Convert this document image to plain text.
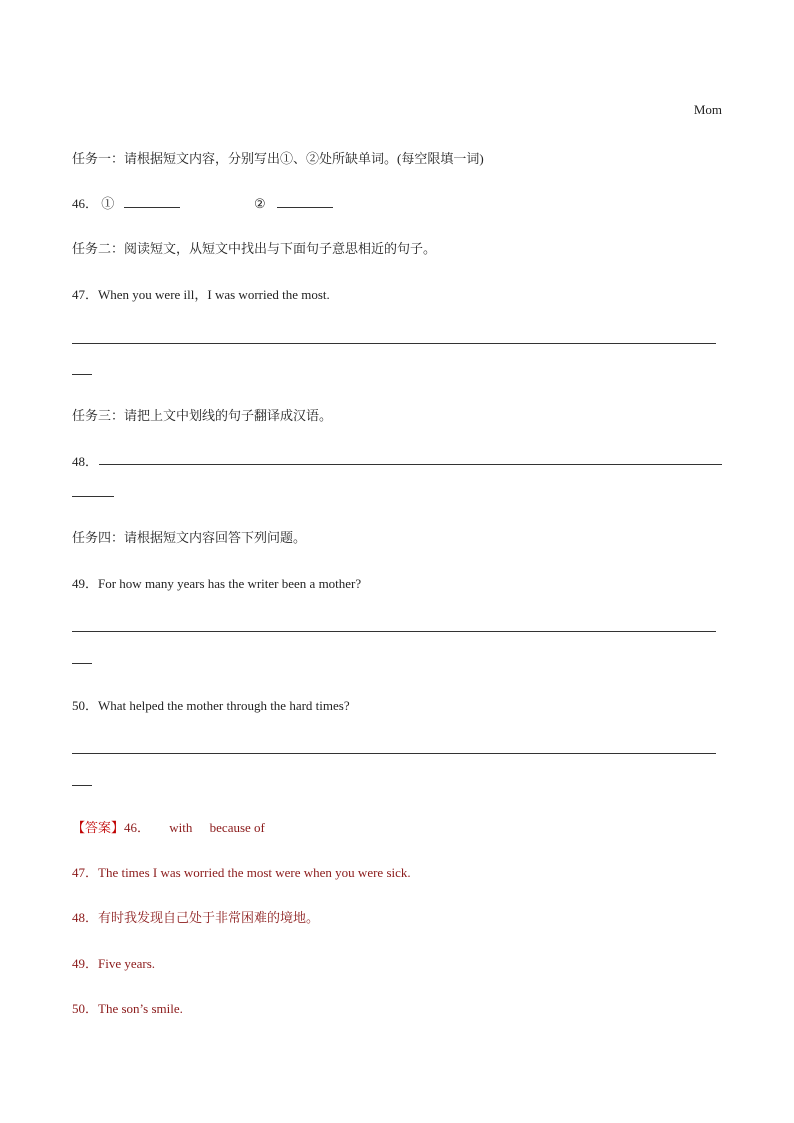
Mom
任务一：请根据短文内容，分别写出①、②处所缺单词。(每空限填一词)
46． ①	②
任务二：阅读短文，从短文中找出与下面句子意思相近的句子。
47．When you were ill，I was worried the most.
任务三：请把上文中划线的句子翻译成汉语。
48．
任务四：请根据短文内容回答下列问题。
49．For how many years has the writer been a mother?
50．What helped the mother through the hard times?
【答案】46． with because of
47．The times I was worried the most were when you were sick.
48．有时我发现自己处于非常困难的境地。
49．Five years.
50．The son’s smile.
